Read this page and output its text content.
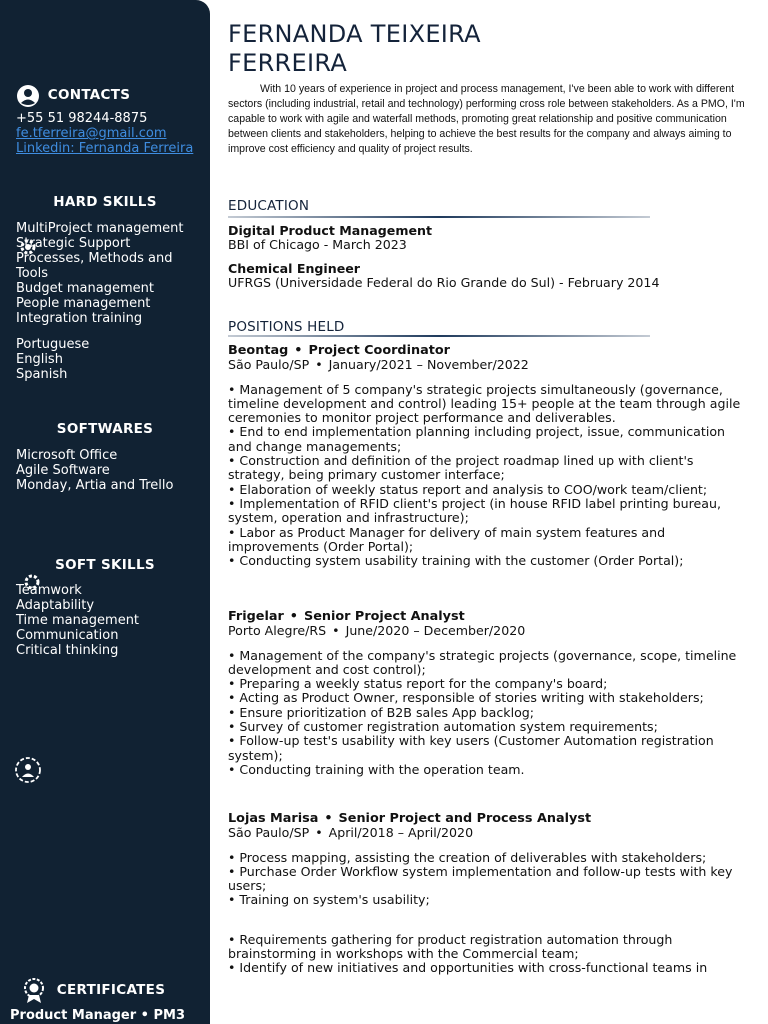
CONTACTS
+55 51 98244-8875
fe.tferreira@gmail.com
Linkedin: Fernanda Ferreira
HARD SKILLS
MultiProject management
Strategic Support
Processes, Methods and
Tools
Budget management
People management
Integration training
Portuguese
English
Spanish
SOFTWARES
Microsoft Office
Agile Software
Monday, Artia and Trello
SOFT SKILLS
Teamwork
Adaptability
Time management
Communication
Critical thinking
CERTIFICATES
Product Manager • PM3
FERNANDA TEIXEIRA
FERREIRA
With 10 years of experience in project and process management, I've been able to work with different sectors (including industrial, retail and technology) performing cross role between stakeholders. As a PMO, I'm capable to work with agile and waterfall methods, promoting great relationship and positive communication between clients and stakeholders, helping to achieve the best results for the company and always aiming to improve cost efficiency and quality of project results.
EDUCATION
Digital Product Management
BBI of Chicago - March 2023
Chemical Engineer
UFRGS (Universidade Federal do Rio Grande do Sul) - February 2014
POSITIONS HELD
Beontag • Project Coordinator
São Paulo/SP • January/2021 – November/2022
• Management of 5 company's strategic projects simultaneously (governance, timeline development and control) leading 15+ people at the team through agile ceremonies to monitor project performance and deliverables.
• End to end implementation planning including project, issue, communication and change managements;
• Construction and definition of the project roadmap lined up with client's strategy, being primary customer interface;
• Elaboration of weekly status report and analysis to COO/work team/client;
• Implementation of RFID client's project (in house RFID label printing bureau, system, operation and infrastructure);
• Labor as Product Manager for delivery of main system features and improvements (Order Portal);
• Conducting system usability training with the customer (Order Portal);
Frigelar • Senior Project Analyst
Porto Alegre/RS • June/2020 – December/2020
• Management of the company's strategic projects (governance, scope, timeline development and cost control);
• Preparing a weekly status report for the company's board;
• Acting as Product Owner, responsible of stories writing with stakeholders;
• Ensure prioritization of B2B sales App backlog;
• Survey of customer registration automation system requirements;
• Follow-up test's usability with key users (Customer Automation registration system);
• Conducting training with the operation team.
Lojas Marisa • Senior Project and Process Analyst
São Paulo/SP • April/2018 – April/2020
• Process mapping, assisting the creation of deliverables with stakeholders;
• Purchase Order Workflow system implementation and follow-up tests with key users;
• Training on system's usability;
• Requirements gathering for product registration automation through brainstorming in workshops with the Commercial team;
• Identify of new initiatives and opportunities with cross-functional teams in
